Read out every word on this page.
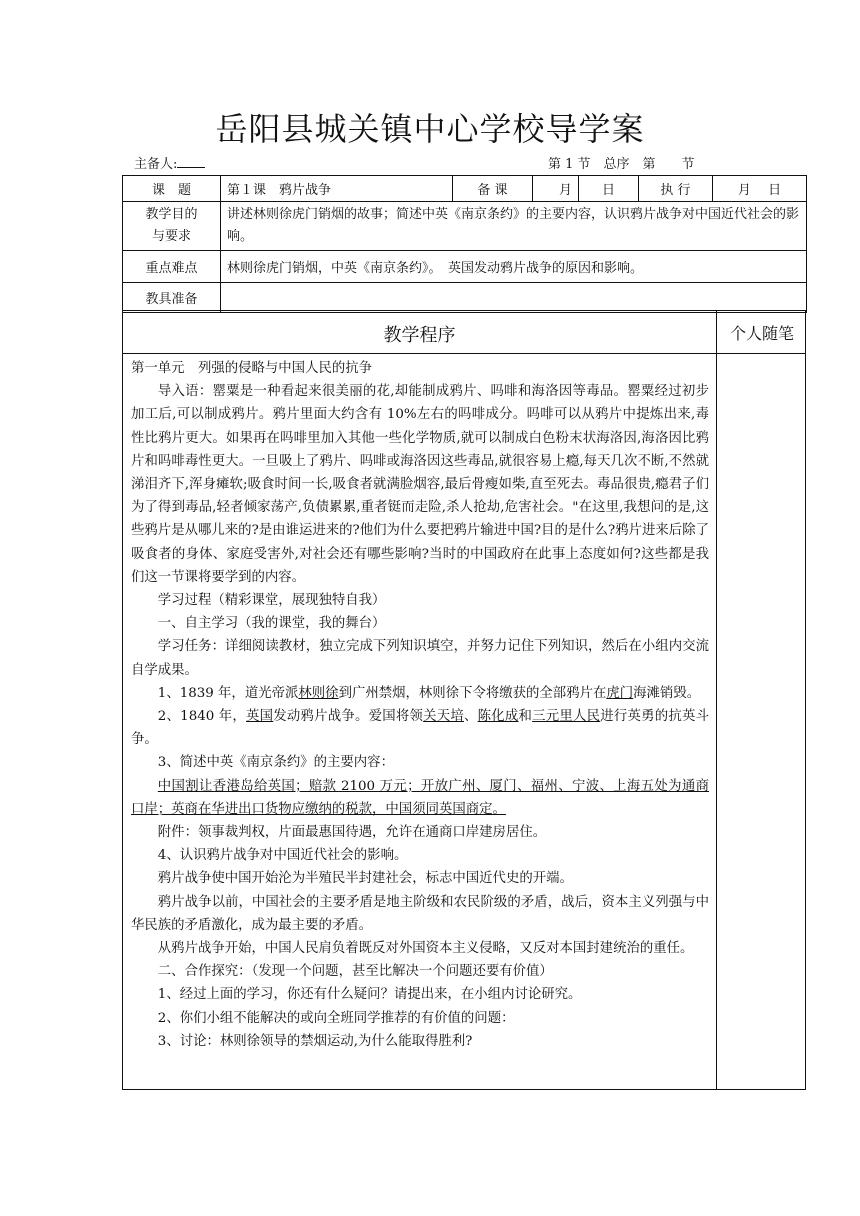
岳阳县城关镇中心学校导学案
主备人:	第 1 节　总序　第　　节
课　题	第１课　鸦片战争	备 课	月	日	执 行	月　 日

教学目的
与要求	讲述林则徐虎门销烟的故事；简述中英《南京条约》的主要内容，认识鸦片战争对中国近代社会的影响。					
重点难点	林则徐虎门销烟，中英《南京条约》。　英国发动鸦片战争的原因和影响。					
教具准备						
教学程序	个人随笔

第一单元　列强的侵略与中国人民的抗争

导入语：罂粟是一种看起来很美丽的花,却能制成鸦片、吗啡和海洛因等毒品。罂粟经过初步加工后,可以制成鸦片。鸦片里面大约含有 10%左右的吗啡成分。吗啡可以从鸦片中提炼出来,毒性比鸦片更大。如果再在吗啡里加入其他一些化学物质,就可以制成白色粉末状海洛因,海洛因比鸦片和吗啡毒性更大。一旦吸上了鸦片、吗啡或海洛因这些毒品,就很容易上瘾,每天几次不断,不然就涕泪齐下,浑身瘫软;吸食时间一长,吸食者就满脸烟容,最后骨瘦如柴,直至死去。毒品很贵,瘾君子们为了得到毒品,轻者倾家荡产,负债累累,重者铤而走险,杀人抢劫,危害社会。"在这里,我想问的是,这些鸦片是从哪儿来的?是由谁运进来的?他们为什么要把鸦片输进中国?目的是什么?鸦片进来后除了吸食者的身体、家庭受害外,对社会还有哪些影响?当时的中国政府在此事上态度如何?这些都是我们这一节课将要学到的内容。

学习过程（精彩课堂，展现独特自我）

一、自主学习（我的课堂，我的舞台）

学习任务：详细阅读教材，独立完成下列知识填空，并努力记住下列知识，然后在小组内交流自学成果。

1、1839 年，道光帝派林则徐到广州禁烟，林则徐下令将缴获的全部鸦片在虎门海滩销毁。

2、1840 年，英国发动鸦片战争。爱国将领关天培、陈化成和三元里人民进行英勇的抗英斗争。

3、简述中英《南京条约》的主要内容：

中国割让香港岛给英国；赔款 2100 万元；开放广州、厦门、福州、宁波、上海五处为通商口岸；英商在华进出口货物应缴纳的税款，中国须同英国商定。

附件：领事裁判权，片面最惠国待遇，允许在通商口岸建房居住。

4、认识鸦片战争对中国近代社会的影响。

鸦片战争使中国开始沦为半殖民半封建社会，标志中国近代史的开端。

鸦片战争以前，中国社会的主要矛盾是地主阶级和农民阶级的矛盾，战后，资本主义列强与中华民族的矛盾激化，成为最主要的矛盾。

从鸦片战争开始，中国人民肩负着既反对外国资本主义侵略，又反对本国封建统治的重任。

二、合作探究：（发现一个问题，甚至比解决一个问题还要有价值）

1、经过上面的学习，你还有什么疑问？请提出来，在小组内讨论研究。

2、你们小组不能解决的或向全班同学推荐的有价值的问题：

3、讨论：林则徐领导的禁烟运动,为什么能取得胜利?
